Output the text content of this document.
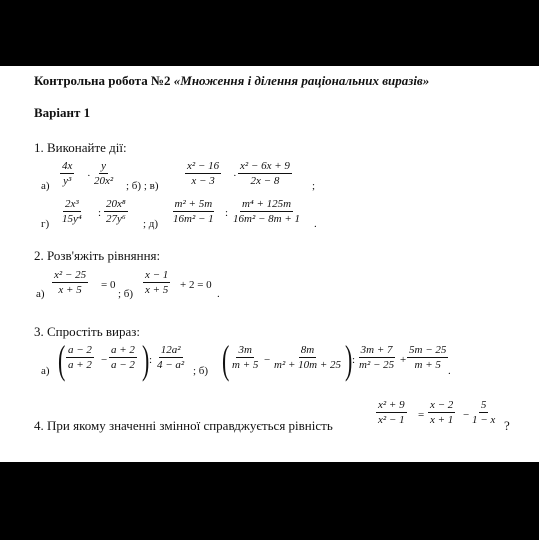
Контрольна робота №2 «Множення і ділення раціональних виразів»
Варіант 1
1. Виконайте дії:
$а) \frac{4x}{\text{y³}} \cdot \frac{y}{\text{20x²}}$ ; б) ; $в) \frac{\text{x² − 16}}{x - 3} \cdot \frac{\text{x² − 6x + 9}}{2x - 8}$ ;
$г) \frac{\text{2x³}}{\text{15y⁴}}$ : $\frac{\text{20x⁸}}{\text{27y⁶}}$ ; $д) \frac{\text{m² + 5m}}{\text{16m² − 1}}$ : $\frac{\text{m⁴ + 125m}}{\text{16m² − 8m + 1}}$ .
2. Розв'яжіть рівняння:
$а) \frac{\text{x² − 25}}{x + 5} = 0$
; $б) \frac{x - 1}{x + 5} + 2 = 0$
.
3. Спростіть вираз:
а) ( $\frac{a - 2}{a + 2} - \frac{a + 2}{a - 2}$ ) : $\frac{\text{12a²}}{\text{4 − a²}}$ ; б) ( $\frac{3m}{m + 5} - \frac{8m}{\text{m² + 10m + 25}}$ ) : $\frac{3m + 7}{\text{m² − 25}} + \frac{5m - 25}{m + 5}$ .
4. При якому значенні змінної справджується рівність	$\frac{\text{x² + 9}}{\text{x² − 1}} = \frac{x - 2}{x + 1} - \frac{5}{1 - x}$ ?
